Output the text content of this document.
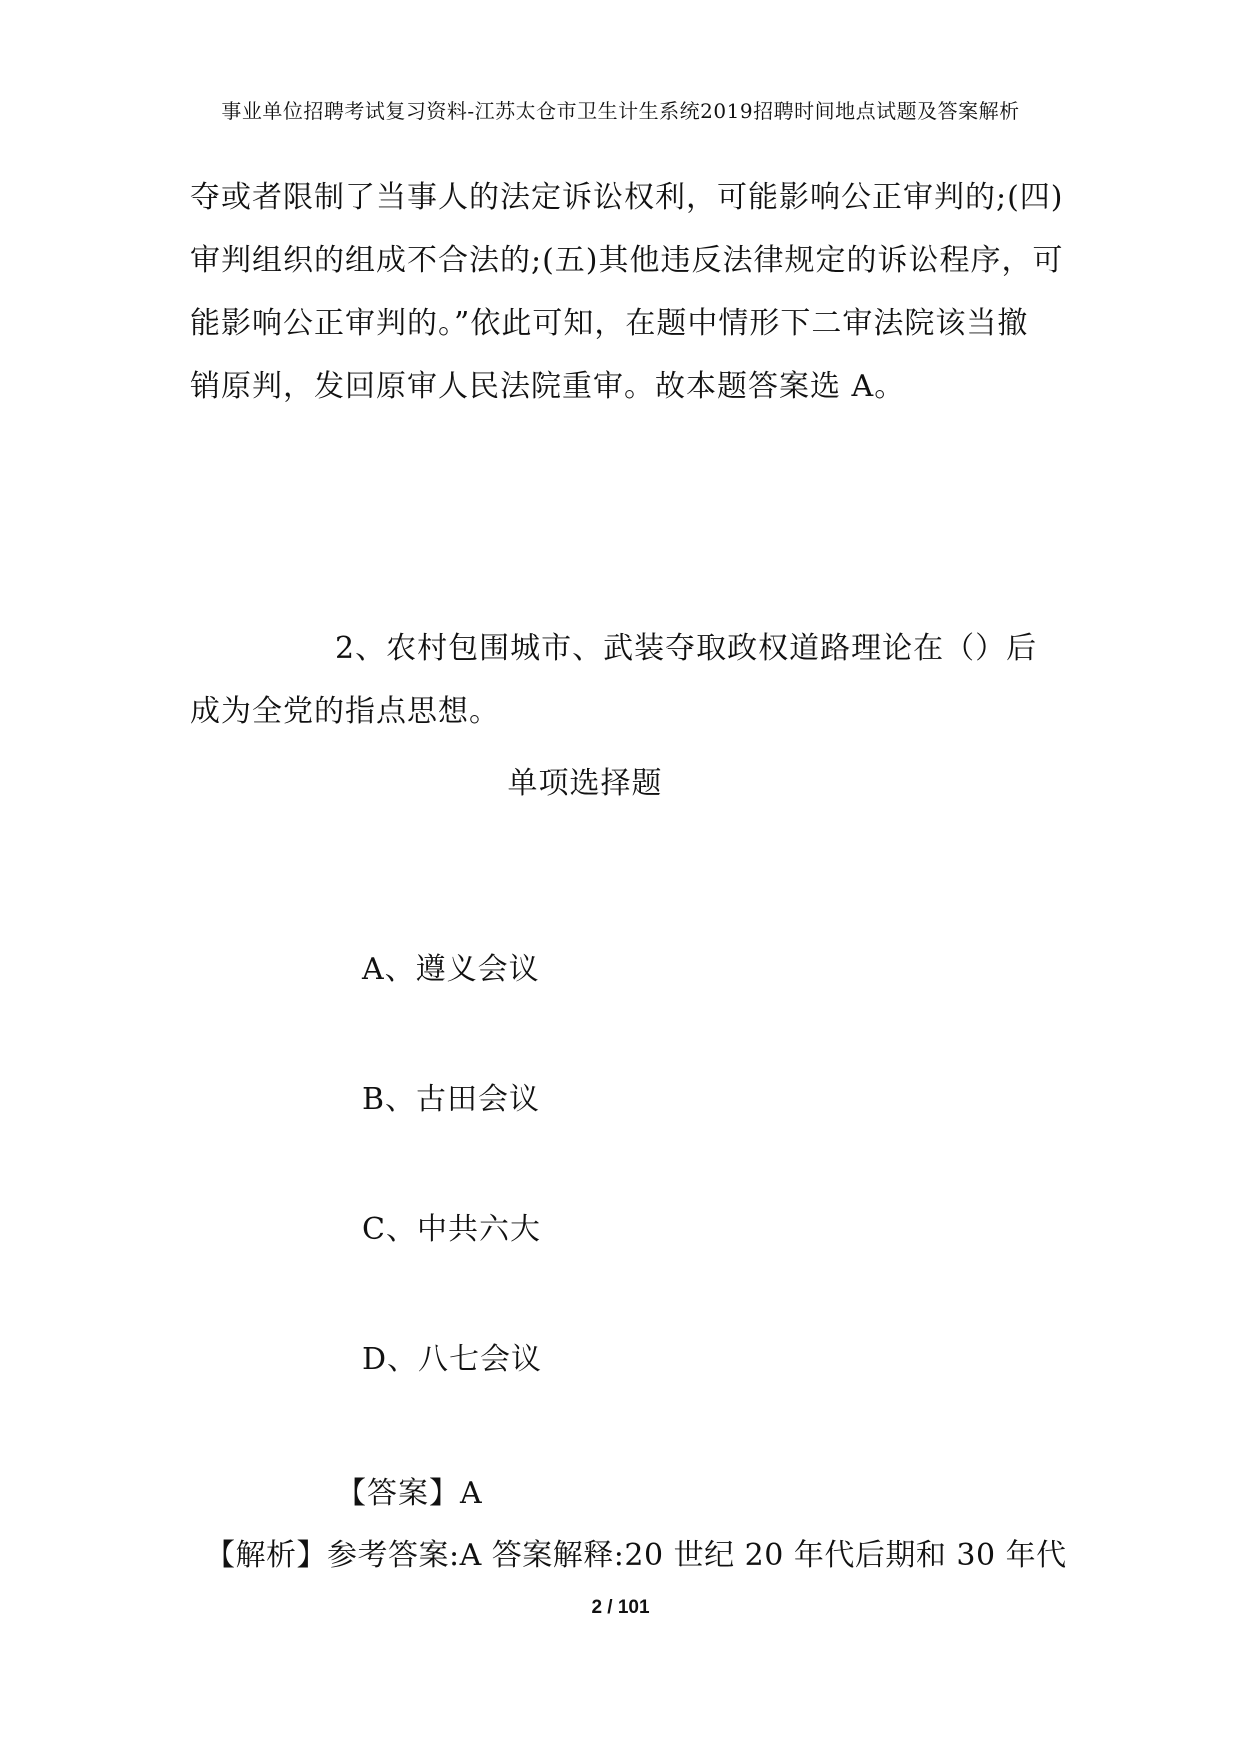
事业单位招聘考试复习资料-江苏太仓市卫生计生系统2019招聘时间地点试题及答案解析
夺或者限制了当事人的法定诉讼权利，可能影响公正审判的;(四)
审判组织的组成不合法的;(五)其他违反法律规定的诉讼程序，可
能影响公正审判的。”依此可知，在题中情形下二审法院该当撤
销原判，发回原审人民法院重审。故本题答案选 A。
2、农村包围城市、武装夺取政权道路理论在（）后
成为全党的指点思想。
单项选择题
A、遵义会议
B、古田会议
C、中共六大
D、八七会议
【答案】A
【解析】参考答案:A 答案解释:20 世纪 20 年代后期和 30 年代
2 / 101
